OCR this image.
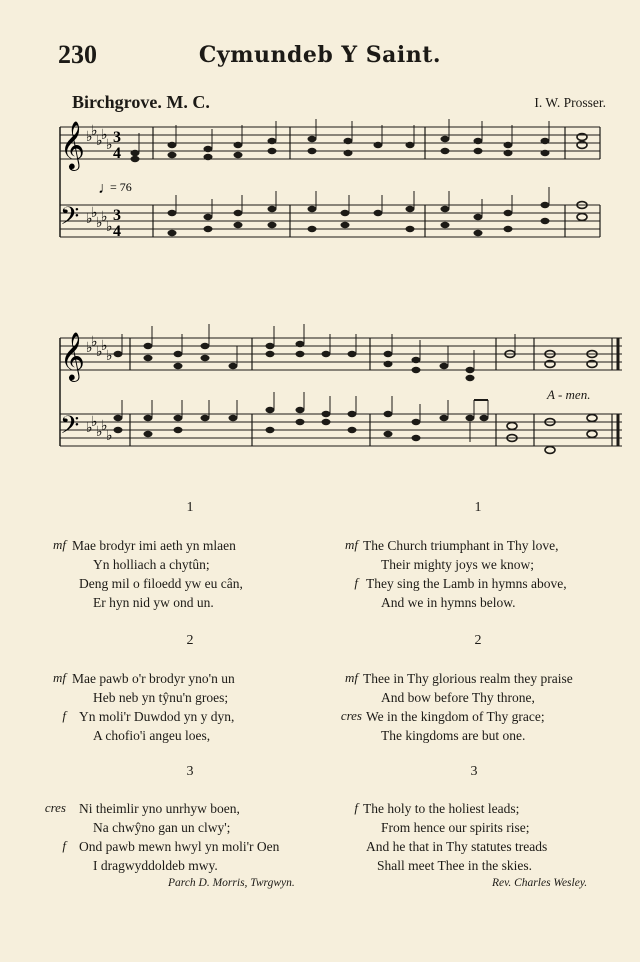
230	Cymundeb Y Saint.
Birchgrove. M. C.	I. W. Prosser.
𝄞
𝄢
♭
♭
♭
♭
♭
♭
♭
♭
♭
♭
3
4
3
4
♩
= 76
𝄞
𝄢
♭
♭
♭
♭
♭
♭
♭
♭
♭
♭
A - men.
1
mf Mae brodyr imi aeth yn mlaen
Yn holliach a chytûn;
Deng mil o filoedd yw eu cân,
Er hyn nid yw ond un.
2
mf Mae pawb o'r brodyr yno'n un
Heb neb yn tŷnu'n groes;
f Yn moli'r Duwdod yn y dyn,
A chofio'i angeu loes,
3
cres Ni theimlir yno unrhyw boen,
Na chwŷno gan un clwy';
f Ond pawb mewn hwyl yn moli'r Oen
I dragwyddoldeb mwy.
1
mf The Church triumphant in Thy love,
Their mighty joys we know;
f They sing the Lamb in hymns above,
And we in hymns below.
2
mf Thee in Thy glorious realm they praise
And bow before Thy throne,
cres We in the kingdom of Thy grace;
The kingdoms are but one.
3
f The holy to the holiest leads;
From hence our spirits rise;
And he that in Thy statutes treads
Shall meet Thee in the skies.
Parch D. Morris, Twrgwyn.	Rev. Charles Wesley.
